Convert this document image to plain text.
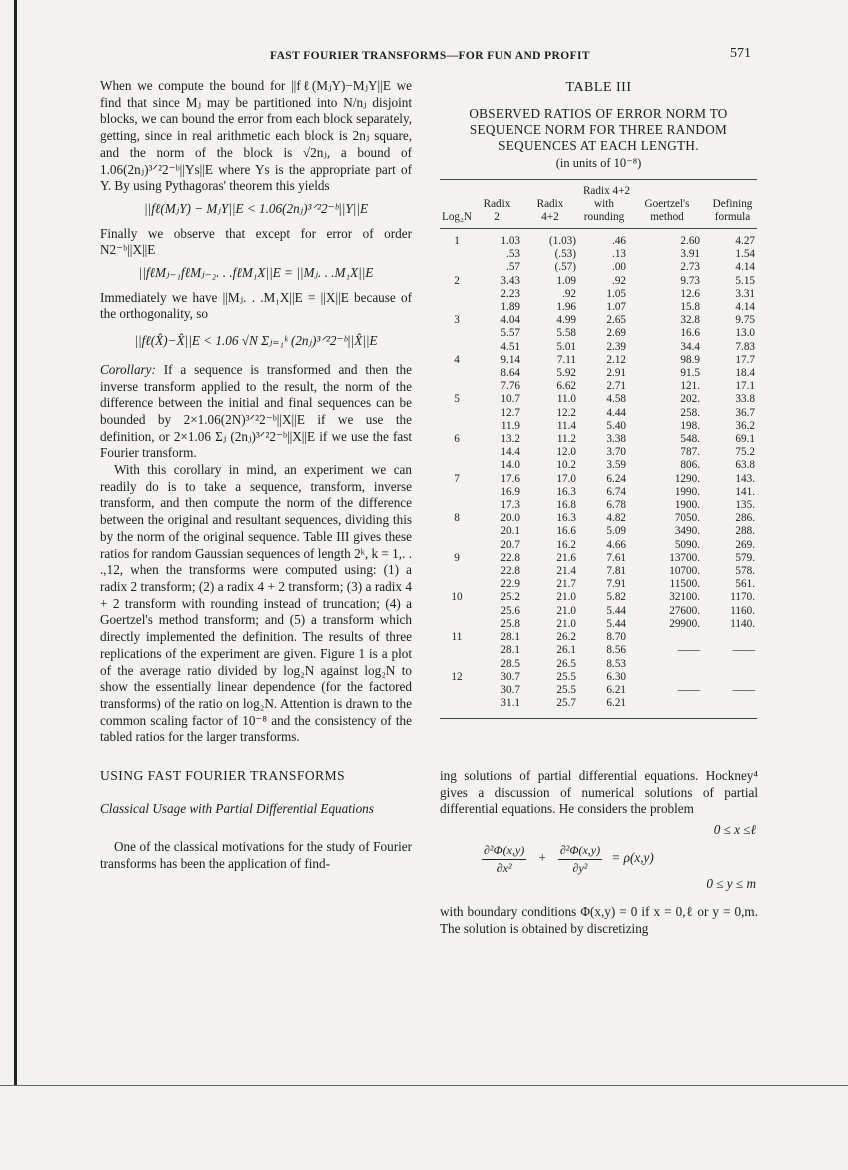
FAST FOURIER TRANSFORMS—FOR FUN AND PROFIT	571

When we compute the bound for ||fℓ(MⱼY)−MⱼY||E we find that since Mⱼ may be partitioned into N/nⱼ disjoint blocks, we can bound the error from each block separately, getting, since in real arithmetic each block is 2nⱼ square, and the norm of the block is √2nⱼ, a bound of 1.06(2nⱼ)³ᐟ²2⁻ᵇ||Ys||E where Ys is the appropriate part of Y. By using Pythagoras' theorem this yields

||fℓ(MⱼY) − MⱼY||E < 1.06(2nⱼ)³ᐟ²2⁻ᵇ||Y||E

Finally we observe that except for error of order N2⁻ᵇ||X||E

||fℓMⱼ₋₁fℓMⱼ₋₂. . .fℓM₁X||E = ||Mⱼ. . .M₁X||E

Immediately we have ||Mⱼ. . .M₁X||E = ||X||E because of the orthogonality, so

||fℓ(X̂)−X̂||E < 1.06 √N Σⱼ₌₁ᵏ (2nⱼ)³ᐟ²2⁻ᵇ||X̂||E

Corollary: If a sequence is transformed and then the inverse transform applied to the result, the norm of the difference between the initial and final sequences can be bounded by 2×1.06(2N)³ᐟ²2⁻ᵇ||X||E if we use the definition, or 2×1.06 Σⱼ (2nⱼ)³ᐟ²2⁻ᵇ||X||E if we use the fast Fourier transform.

With this corollary in mind, an experiment we can readily do is to take a sequence, transform, inverse transform, and then compute the norm of the difference between the original and resultant sequences, dividing this by the norm of the original sequence. Table III gives these ratios for random Gaussian sequences of length 2ᵏ, k = 1,. . .,12, when the transforms were computed using: (1) a radix 2 transform; (2) a radix 4 + 2 transform; (3) a radix 4 + 2 transform with rounding instead of truncation; (4) a Goertzel's method transform; and (5) a transform which directly implemented the definition. The results of three replications of the experiment are given. Figure 1 is a plot of the average ratio divided by log₂N against log₂N to show the essentially linear dependence (for the factored transforms) of the ratio on log₂N. Attention is drawn to the common scaling factor of 10⁻⁸ and the consistency of the tabled ratios for the larger transforms.

USING FAST FOURIER TRANSFORMS
Classical Usage with Partial Differential Equations

One of the classical motivations for the study of Fourier transforms has been the application of find-

TABLE III
OBSERVED RATIOS OF ERROR NORM TO SEQUENCE NORM FOR THREE RANDOM SEQUENCES AT EACH LENGTH.
(in units of 10⁻⁸)
		Radix 4+2			
	Radix	Radix	with	Goertzel's	Defining
Log₂N	2	4+2	rounding	method	formula

1	1.03	(1.03)	.46	2.60	4.27
	.53	(.53)	.13	3.91	1.54
	.57	(.57)	.00	2.73	4.14
2	3.43	1.09	.92	9.73	5.15
	2.23	.92	1.05	12.6	3.31
	1.89	1.96	1.07	15.8	4.14
3	4.04	4.99	2.65	32.8	9.75
	5.57	5.58	2.69	16.6	13.0
	4.51	5.01	2.39	34.4	7.83
4	9.14	7.11	2.12	98.9	17.7
	8.64	5.92	2.91	91.5	18.4
	7.76	6.62	2.71	121.	17.1
5	10.7	11.0	4.58	202.	33.8
	12.7	12.2	4.44	258.	36.7
	11.9	11.4	5.40	198.	36.2
6	13.2	11.2	3.38	548.	69.1
	14.4	12.0	3.70	787.	75.2
	14.0	10.2	3.59	806.	63.8
7	17.6	17.0	6.24	1290.	143.
	16.9	16.3	6.74	1990.	141.
	17.3	16.8	6.78	1900.	135.
8	20.0	16.3	4.82	7050.	286.
	20.1	16.6	5.09	3490.	288.
	20.7	16.2	4.66	5090.	269.
9	22.8	21.6	7.61	13700.	579.
	22.8	21.4	7.81	10700.	578.
	22.9	21.7	7.91	11500.	561.
10	25.2	21.0	5.82	32100.	1170.
	25.6	21.0	5.44	27600.	1160.
	25.8	21.0	5.44	29900.	1140.
11	28.1	26.2	8.70		
	28.1	26.1	8.56	——	——
	28.5	26.5	8.53		
12	30.7	25.5	6.30		
	30.7	25.5	6.21	——	——
	31.1	25.7	6.21		

ing solutions of partial differential equations. Hockney⁴ gives a discussion of numerical solutions of partial differential equations. He considers the problem

0 ≤ x ≤ℓ
$\frac{\text{∂²Φ(x,y)}}{\text{∂x²}} + \frac{\text{∂²Φ(x,y)}}{\text{∂y²}} = \rho(x,y)$
0 ≤ y ≤ m

with boundary conditions Φ(x,y) = 0 if x = 0,ℓ or y = 0,m. The solution is obtained by discretizing
